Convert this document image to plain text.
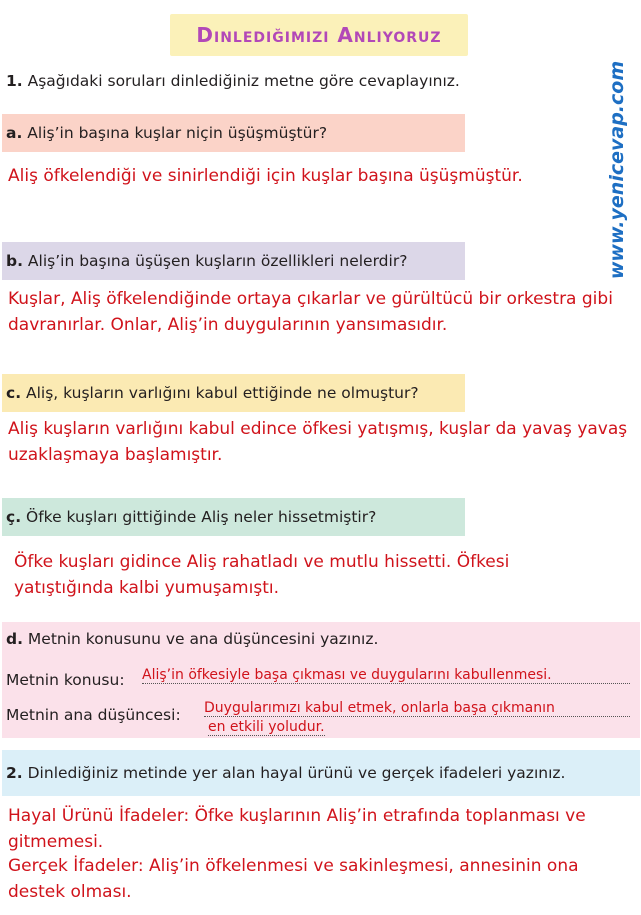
Dinlediğimizi Anlıyoruz
www.yenicevap.com
1. Aşağıdaki soruları dinlediğiniz metne göre cevaplayınız.
a.
Aliş’in başına kuşlar niçin üşüşmüştür?
Aliş öfkelendiği ve sinirlendiği için kuşlar başına üşüşmüştür.
b.
Aliş’in başına üşüşen kuşların özellikleri nelerdir?
Kuşlar, Aliş öfkelendiğinde ortaya çıkarlar ve gürültücü bir orkestra gibi davranırlar. Onlar, Aliş’in duygularının yansımasıdır.
c.
Aliş, kuşların varlığını kabul ettiğinde ne olmuştur?
Aliş kuşların varlığını kabul edince öfkesi yatışmış, kuşlar da yavaş yavaş uzaklaşmaya başlamıştır.
ç.
Öfke kuşları gittiğinde Aliş neler hissetmiştir?
Öfke kuşları gidince Aliş rahatladı ve mutlu hissetti. Öfkesi yatıştığında kalbi yumuşamıştı.
d. Metnin konusunu ve ana düşüncesini yazınız.
Metnin konusu: Aliş’in öfkesiyle başa çıkması ve duygularını kabullenmesi.
Metnin ana düşüncesi: Duygularımızı kabul etmek, onlarla başa çıkmanın
en etkili yoludur.
2.
Dinlediğiniz metinde yer alan hayal ürünü ve gerçek ifadeleri yazınız.
Hayal Ürünü İfadeler: Öfke kuşlarının Aliş’in etrafında toplanması ve gitmemesi.
Gerçek İfadeler: Aliş’in öfkelenmesi ve sakinleşmesi, annesinin ona destek olması.
